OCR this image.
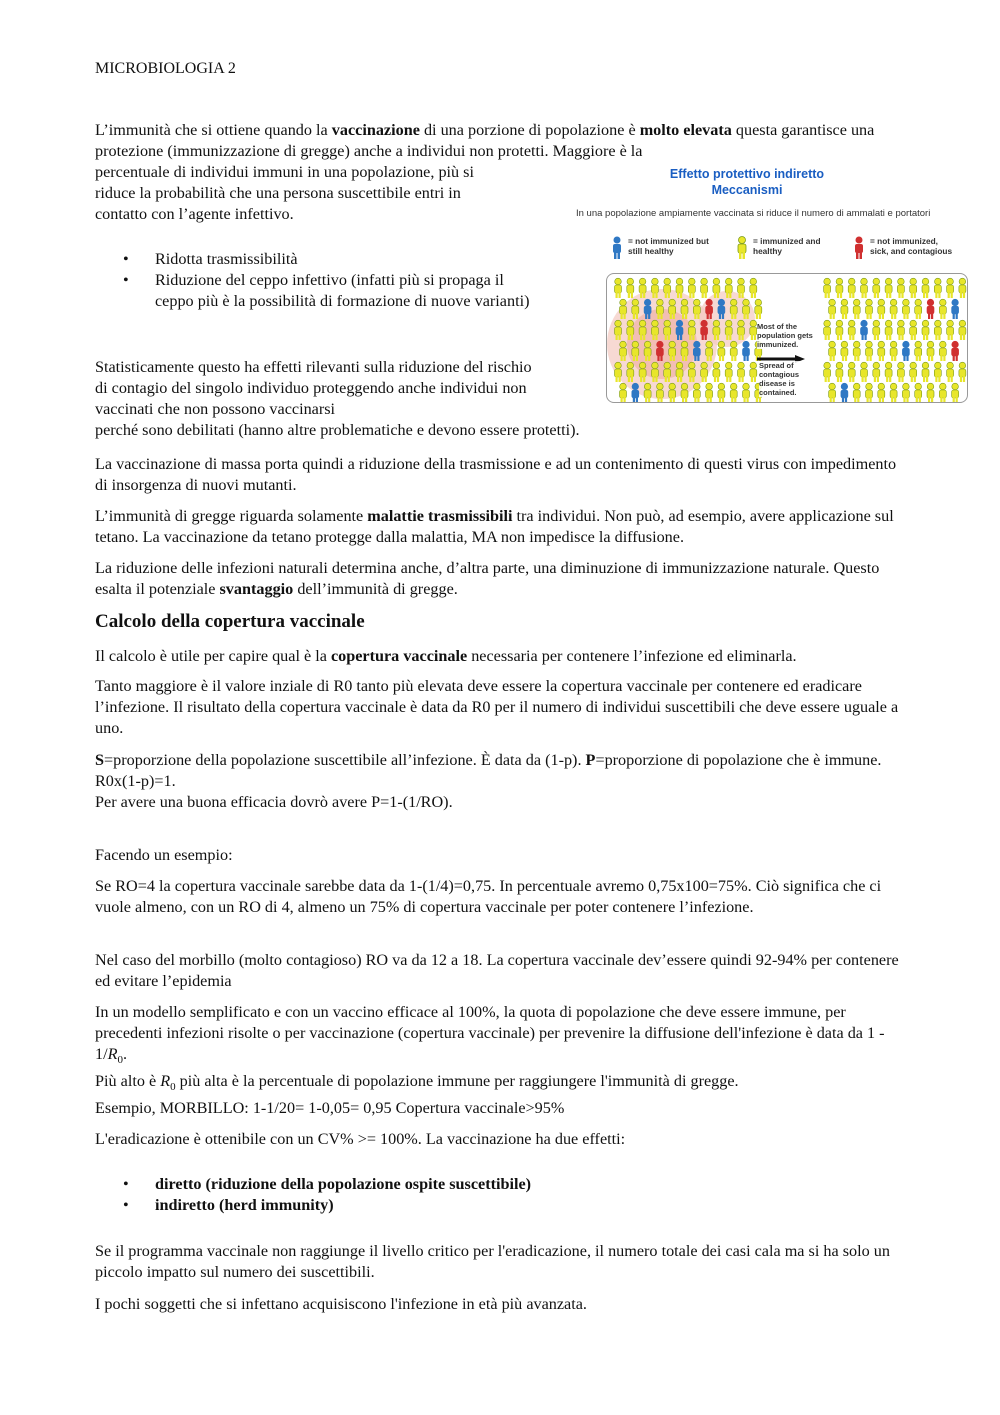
MICROBIOLOGIA 2
Effetto protettivo indiretto
Meccanismi
In una popolazione ampiamente vaccinata si riduce il numero di ammalati e portatori
= not immunized but
still healthy
= immunized and
healthy
= not immunized,
sick, and contagious
Most of the
population gets
immunized.
Spread of
contagious
disease is
contained.

L’immunità che si ottiene quando la vaccinazione di una porzione di popolazione è molto elevata questa garantisce una protezione (immunizzazione di gregge) anche a individui non protetti. Maggiore è la

percentuale di individui immuni in una popolazione, più si riduce la probabilità che una persona suscettibile entri in contatto con l’agente infettivo.

• Ridotta trasmissibilità
• Riduzione del ceppo infettivo (infatti più si propaga il ceppo più è la possibilità di formazione di nuove varianti)

Statisticamente questo ha effetti rilevanti sulla riduzione del rischio di contagio del singolo individuo proteggendo anche individui non vaccinati che non possono vaccinarsi
perché sono debilitati (hanno altre problematiche e devono essere protetti).

La vaccinazione di massa porta quindi a riduzione della trasmissione e ad un contenimento di questi virus con impedimento di insorgenza di nuovi mutanti.

L’immunità di gregge riguarda solamente malattie trasmissibili tra individui. Non può, ad esempio, avere applicazione sul tetano. La vaccinazione da tetano protegge dalla malattia, MA non impedisce la diffusione.

La riduzione delle infezioni naturali determina anche, d’altra parte, una diminuzione di immunizzazione naturale. Questo esalta il potenziale svantaggio dell’immunità di gregge.

Calcolo della copertura vaccinale

Il calcolo è utile per capire qual è la copertura vaccinale necessaria per contenere l’infezione ed eliminarla.

Tanto maggiore è il valore inziale di R0 tanto più elevata deve essere la copertura vaccinale per contenere ed eradicare l’infezione. Il risultato della copertura vaccinale è data da R0 per il numero di individui suscettibili che deve essere uguale a uno.

S=proporzione della popolazione suscettibile all’infezione. È data da (1-p). P=proporzione di popolazione che è immune.

R0x(1-p)=1.

Per avere una buona efficacia dovrò avere P=1-(1/RO).

Facendo un esempio:

Se RO=4 la copertura vaccinale sarebbe data da 1-(1/4)=0,75. In percentuale avremo 0,75x100=75%. Ciò significa che ci vuole almeno, con un RO di 4, almeno un 75% di copertura vaccinale per poter contenere l’infezione.

Nel caso del morbillo (molto contagioso) RO va da 12 a 18. La copertura vaccinale dev’essere quindi 92-94% per contenere ed evitare l’epidemia

In un modello semplificato e con un vaccino efficace al 100%, la quota di popolazione che deve essere immune, per precedenti infezioni risolte o per vaccinazione (copertura vaccinale) per prevenire la diffusione dell'infezione è data da $1 - 1/R_0$.

Più alto è $R_0$ più alta è la percentuale di popolazione immune per raggiungere l'immunità di gregge.

Esempio, MORBILLO: 1-1/20= 1-0,05= 0,95 Copertura vaccinale>95%

L'eradicazione è ottenibile con un CV% >= 100%. La vaccinazione ha due effetti:

• diretto (riduzione della popolazione ospite suscettibile)
• indiretto (herd immunity)

Se il programma vaccinale non raggiunge il livello critico per l'eradicazione, il numero totale dei casi cala ma si ha solo un piccolo impatto sul numero dei suscettibili.

I pochi soggetti che si infettano acquisiscono l'infezione in età più avanzata.
